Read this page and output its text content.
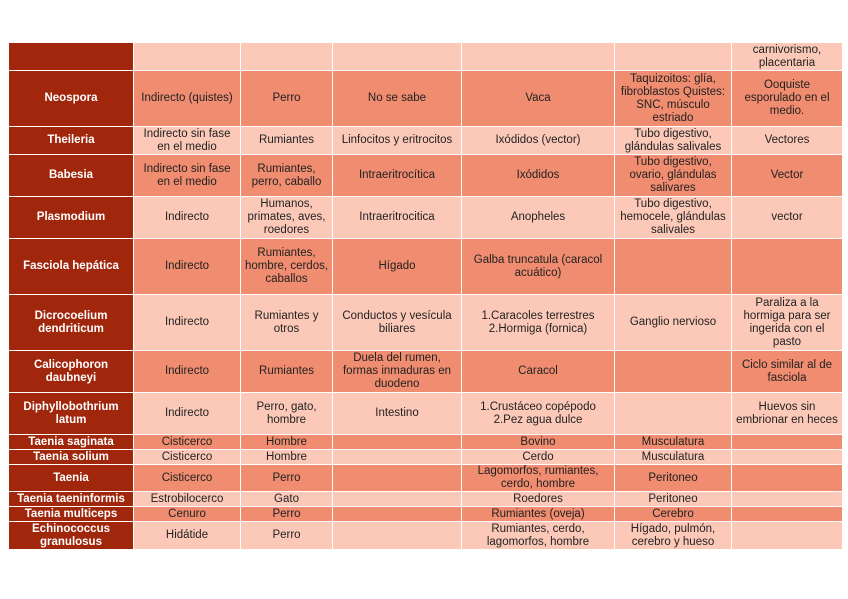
						carnivorismo, placentaria
Neospora	Indirecto (quistes)	Perro	No se sabe	Vaca	Taquizoitos: glía, fibroblastos Quistes: SNC, músculo estriado	Ooquiste esporulado en el medio.
Theileria	Indirecto sin fase en el medio	Rumiantes	Linfocitos y eritrocitos	Ixódidos (vector)	Tubo digestivo, glándulas salivales	Vectores
Babesia	Indirecto sin fase en el medio	Rumiantes, perro, caballo	Intraeritrocítica	Ixódidos	Tubo digestivo, ovario, glándulas salivares	Vector
Plasmodium	Indirecto	Humanos, primates, aves, roedores	Intraeritrocitica	Anopheles	Tubo digestivo, hemocele, glándulas salivales	vector
Fasciola hepática	Indirecto	Rumiantes, hombre, cerdos, caballos	Hígado	Galba truncatula (caracol acuático)		
Dicrocoelium dendriticum	Indirecto	Rumiantes y otros	Conductos y vesícula biliares	1.Caracoles terrestres 2.Hormiga (fornica)	Ganglio nervioso	Paraliza a la hormiga para ser ingerida con el pasto
Calicophoron daubneyi	Indirecto	Rumiantes	Duela del rumen, formas inmaduras en duodeno	Caracol		Ciclo similar al de fasciola
Diphyllobothrium latum	Indirecto	Perro, gato, hombre	Intestino	1.Crustáceo copépodo 2.Pez agua dulce		Huevos sin embrionar en heces
Taenia saginata	Cisticerco	Hombre		Bovino	Musculatura	
Taenia solium	Cisticerco	Hombre		Cerdo	Musculatura	
Taenia	Cisticerco	Perro		Lagomorfos, rumiantes, cerdo, hombre	Peritoneo	
Taenia taeninformis	Estrobilocerco	Gato		Roedores	Peritoneo	
Taenia multiceps	Cenuro	Perro		Rumiantes (oveja)	Cerebro	
Echinococcus granulosus	Hidátide	Perro		Rumiantes, cerdo, lagomorfos, hombre	Hígado, pulmón, cerebro y hueso	
